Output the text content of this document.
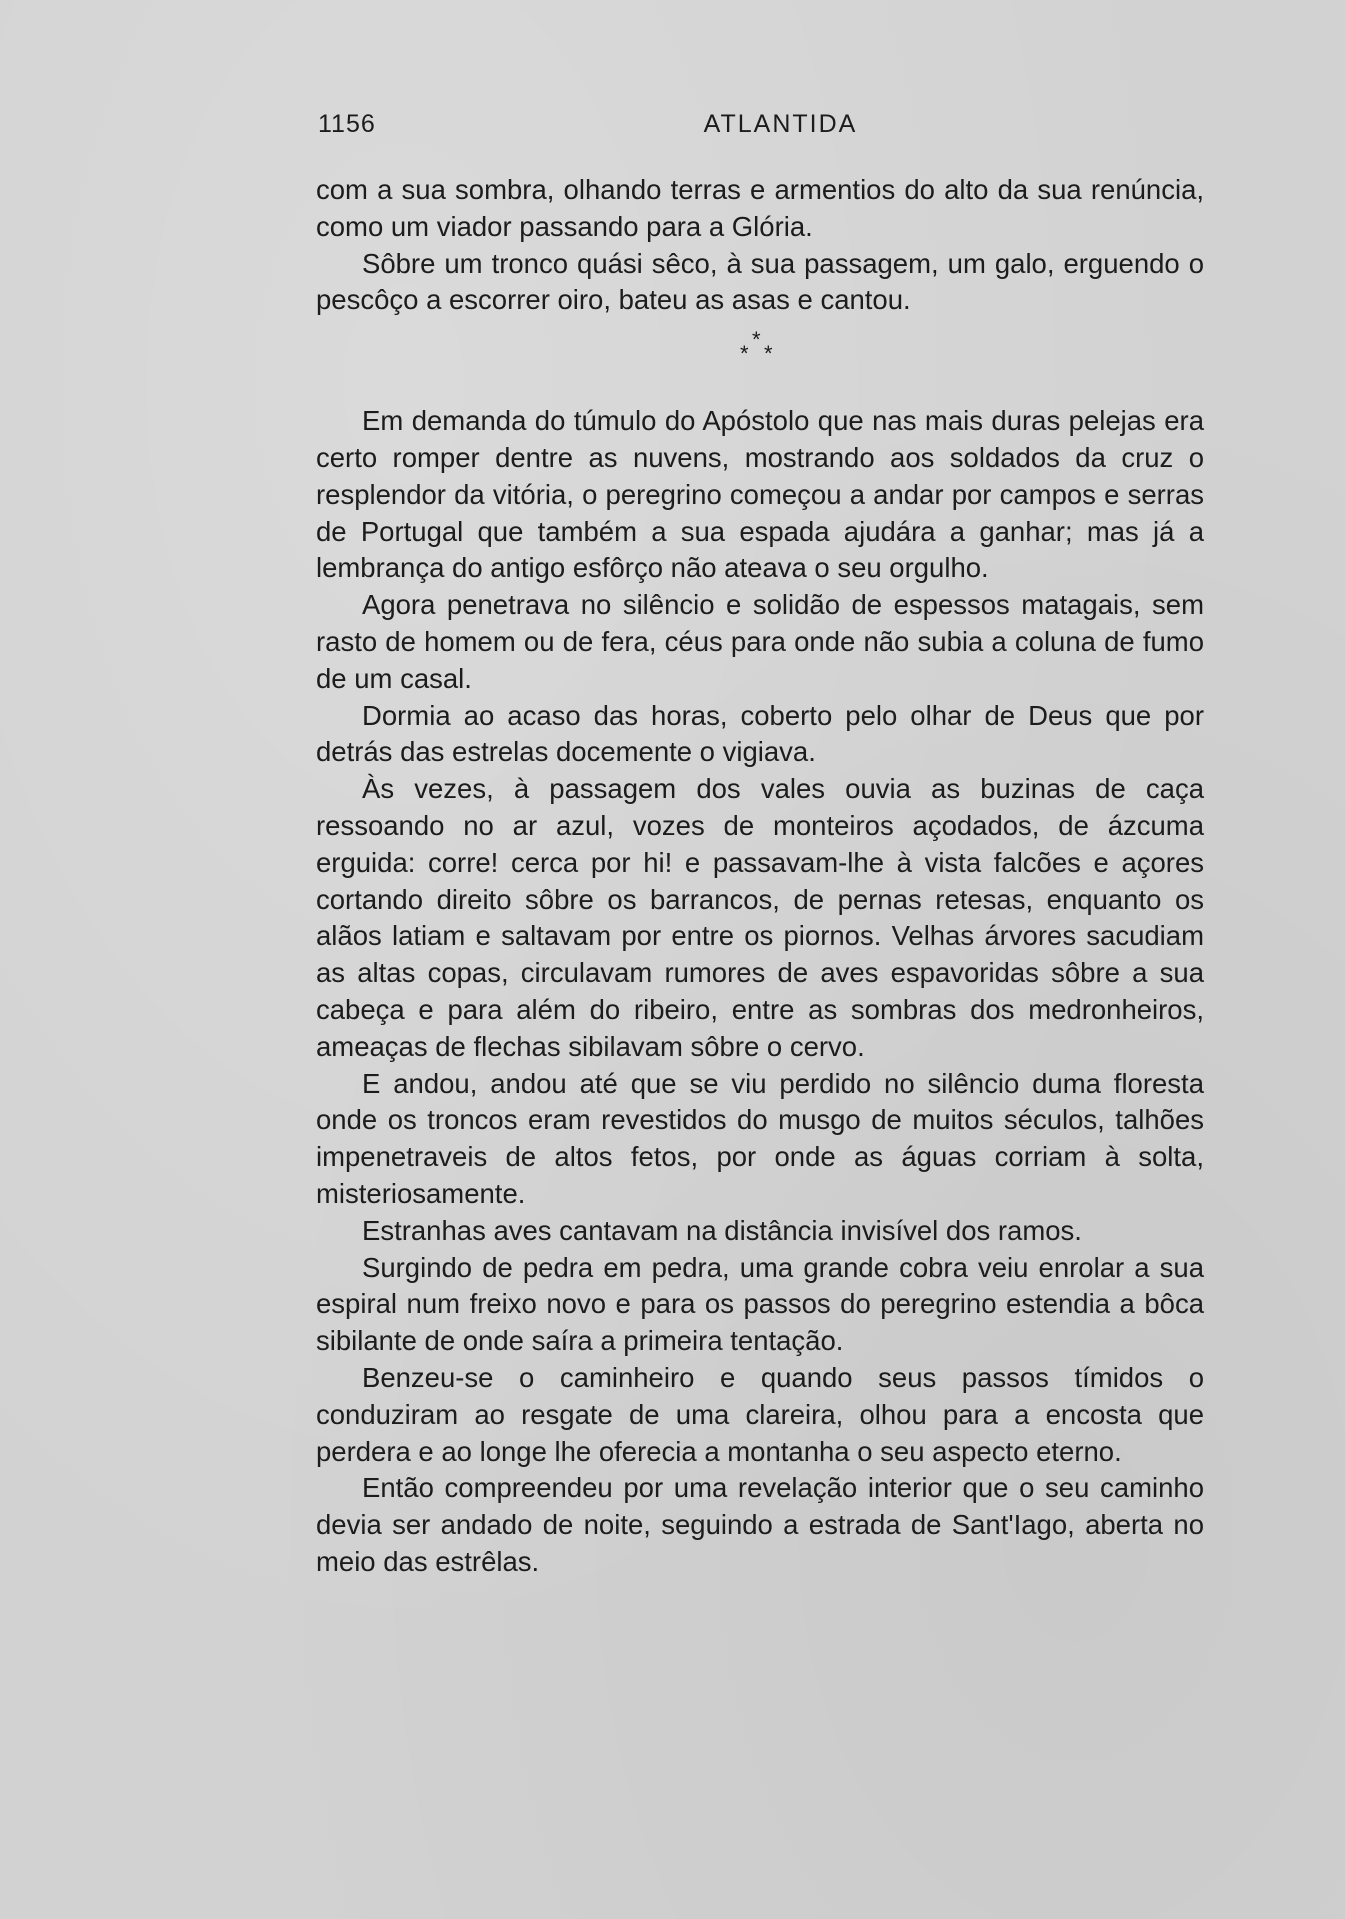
1156	ATLANTIDA

com a sua sombra, olhando terras e armentios do alto da sua renúncia, como um viador passando para a Glória.

Sôbre um tronco quási sêco, à sua passagem, um galo, erguendo o pescôço a escorrer oiro, bateu as asas e cantou.

*
* *

Em demanda do túmulo do Apóstolo que nas mais duras pelejas era certo romper dentre as nuvens, mostrando aos soldados da cruz o resplendor da vitória, o peregrino começou a andar por campos e serras de Portugal que também a sua espada ajudára a ganhar; mas já a lembrança do antigo esfôrço não ateava o seu orgulho.

Agora penetrava no silêncio e solidão de espessos matagais, sem rasto de homem ou de fera, céus para onde não subia a coluna de fumo de um casal.

Dormia ao acaso das horas, coberto pelo olhar de Deus que por detrás das estrelas docemente o vigiava.

Às vezes, à passagem dos vales ouvia as buzinas de caça ressoando no ar azul, vozes de monteiros açodados, de ázcuma erguida: corre! cerca por hi! e passavam-lhe à vista falcões e açores cortando direito sôbre os barrancos, de pernas retesas, enquanto os alãos latiam e saltavam por entre os piornos. Velhas árvores sacudiam as altas copas, circulavam rumores de aves espavoridas sôbre a sua cabeça e para além do ribeiro, entre as sombras dos medronheiros, ameaças de flechas sibilavam sôbre o cervo.

E andou, andou até que se viu perdido no silêncio duma floresta onde os troncos eram revestidos do musgo de muitos séculos, talhões impenetraveis de altos fetos, por onde as águas corriam à solta, misteriosamente.

Estranhas aves cantavam na distância invisível dos ramos.

Surgindo de pedra em pedra, uma grande cobra veiu enrolar a sua espiral num freixo novo e para os passos do peregrino estendia a bôca sibilante de onde saíra a primeira tentação.

Benzeu-se o caminheiro e quando seus passos tímidos o conduziram ao resgate de uma clareira, olhou para a encosta que perdera e ao longe lhe oferecia a montanha o seu aspecto eterno.

Então compreendeu por uma revelação interior que o seu caminho devia ser andado de noite, seguindo a estrada de Sant'Iago, aberta no meio das estrêlas.
